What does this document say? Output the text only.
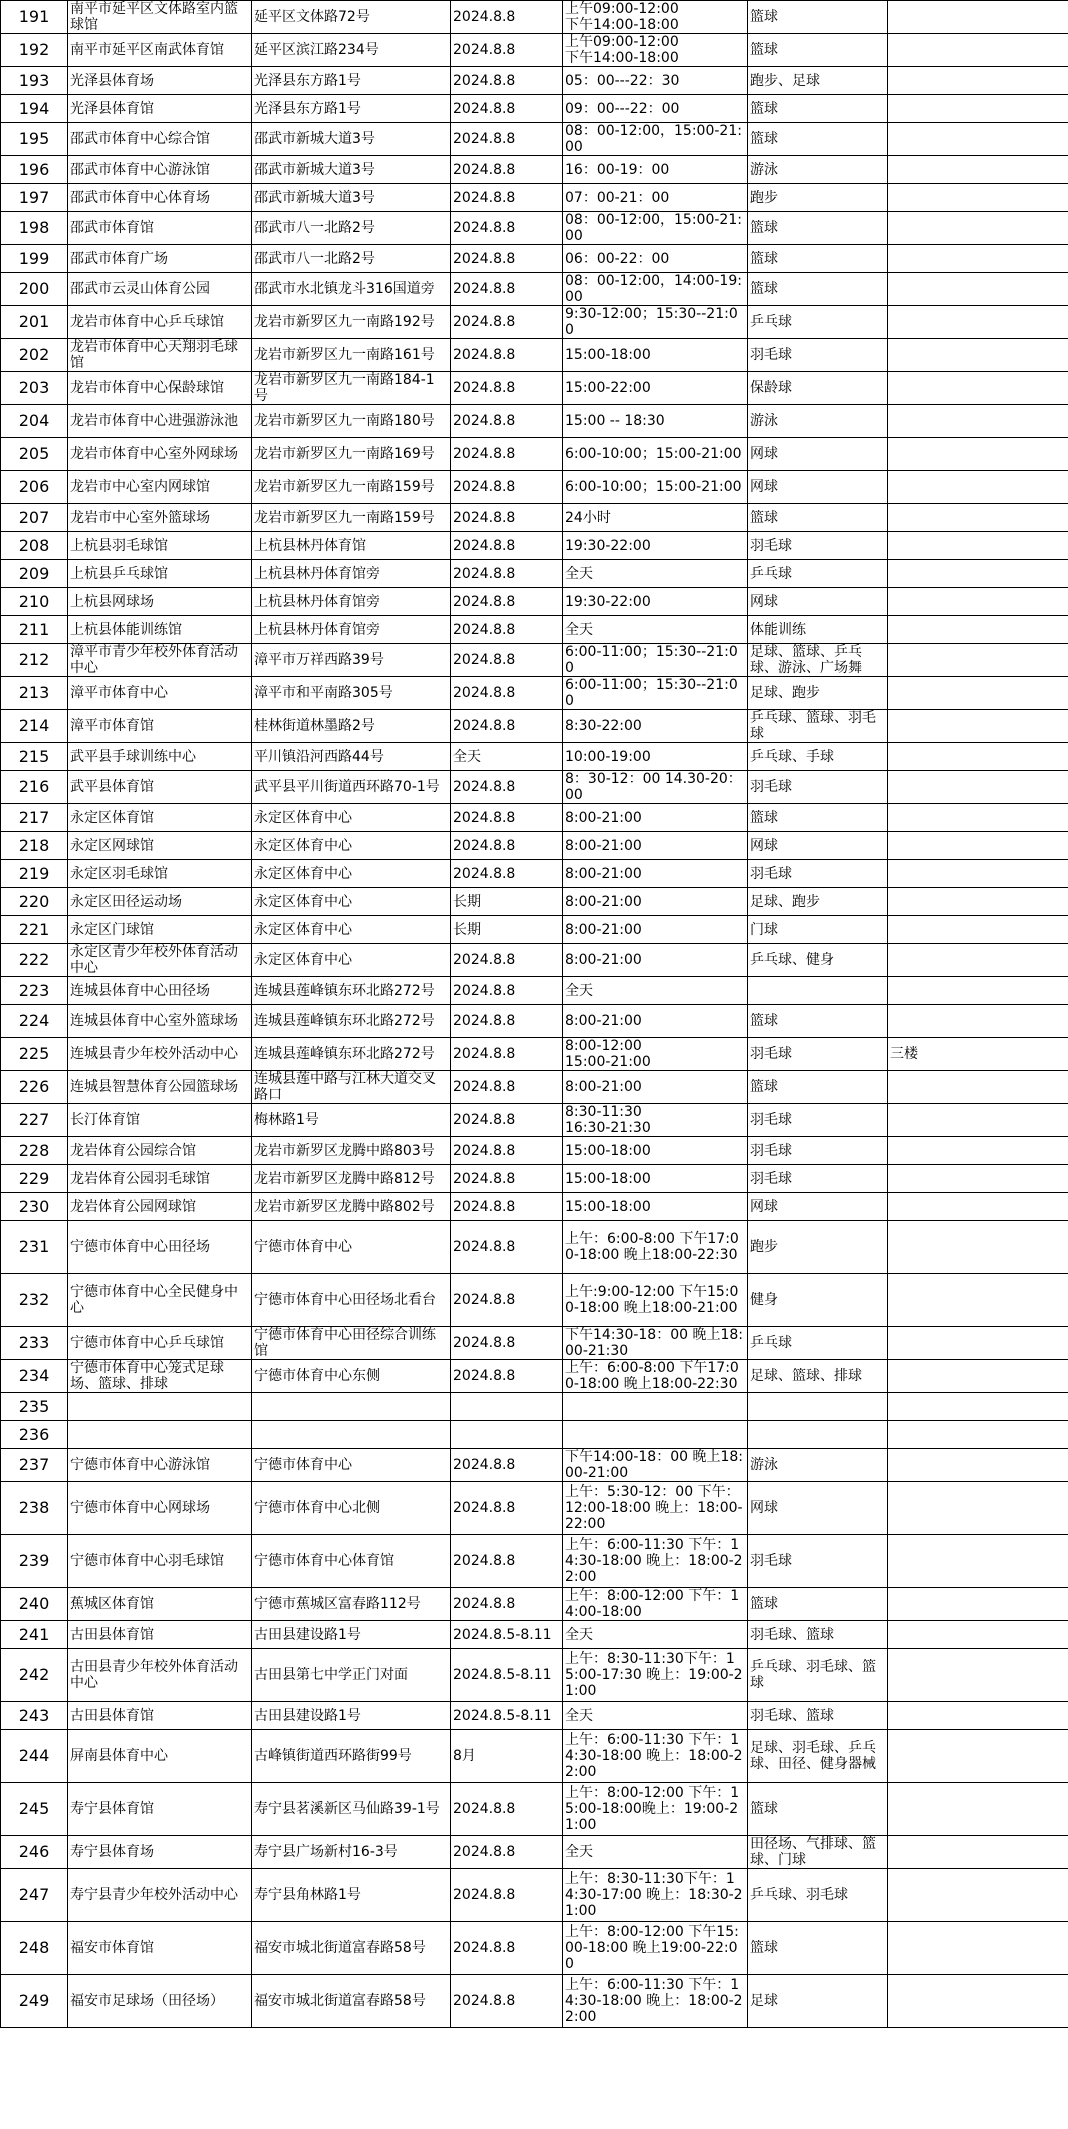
191	南平市延平区文体路室内篮球馆	延平区文体路72号	2024.8.8	上午09:00-12:00
下午14:00-18:00	篮球	
192	南平市延平区南武体育馆	延平区滨江路234号	2024.8.8	上午09:00-12:00
下午14:00-18:00	篮球	
193	光泽县体育场	光泽县东方路1号	2024.8.8	05：00---22：30	跑步、足球	
194	光泽县体育馆	光泽县东方路1号	2024.8.8	09：00---22：00	篮球	
195	邵武市体育中心综合馆	邵武市新城大道3号	2024.8.8	08：00-12:00，15:00-21:00	篮球	
196	邵武市体育中心游泳馆	邵武市新城大道3号	2024.8.8	16：00-19：00	游泳	
197	邵武市体育中心体育场	邵武市新城大道3号	2024.8.8	07：00-21：00	跑步	
198	邵武市体育馆	邵武市八一北路2号	2024.8.8	08：00-12:00，15:00-21:00	篮球	
199	邵武市体育广场	邵武市八一北路2号	2024.8.8	06：00-22：00	篮球	
200	邵武市云灵山体育公园	邵武市水北镇龙斗316国道旁	2024.8.8	08：00-12:00，14:00-19:00	篮球	
201	龙岩市体育中心乒乓球馆	龙岩市新罗区九一南路192号	2024.8.8	9:30-12:00；15:30--21:00	乒乓球	
202	龙岩市体育中心天翔羽毛球馆	龙岩市新罗区九一南路161号	2024.8.8	15:00-18:00	羽毛球	
203	龙岩市体育中心保龄球馆	龙岩市新罗区九一南路184-1号	2024.8.8	15:00-22:00	保龄球	
204	龙岩市体育中心进强游泳池	龙岩市新罗区九一南路180号	2024.8.8	15:00 -- 18:30	游泳	
205	龙岩市体育中心室外网球场	龙岩市新罗区九一南路169号	2024.8.8	6:00-10:00；15:00-21:00	网球	
206	龙岩市中心室内网球馆	龙岩市新罗区九一南路159号	2024.8.8	6:00-10:00；15:00-21:00	网球	
207	龙岩市中心室外篮球场	龙岩市新罗区九一南路159号	2024.8.8	24小时	篮球	
208	上杭县羽毛球馆	上杭县林丹体育馆	2024.8.8	19:30-22:00	羽毛球	
209	上杭县乒乓球馆	上杭县林丹体育馆旁	2024.8.8	全天	乒乓球	
210	上杭县网球场	上杭县林丹体育馆旁	2024.8.8	19:30-22:00	网球	
211	上杭县体能训练馆	上杭县林丹体育馆旁	2024.8.8	全天	体能训练	
212	漳平市青少年校外体育活动中心	漳平市万祥西路39号	2024.8.8	6:00-11:00；15:30--21:00	足球、篮球、乒乓球、游泳、广场舞	
213	漳平市体育中心	漳平市和平南路305号	2024.8.8	6:00-11:00；15:30--21:00	足球、跑步	
214	漳平市体育馆	桂林街道林墨路2号	2024.8.8	8:30-22:00	乒乓球、篮球、羽毛球	
215	武平县手球训练中心	平川镇沿河西路44号	全天	10:00-19:00	乒乓球、手球	
216	武平县体育馆	武平县平川街道西环路70-1号	2024.8.8	8：30-12：00 14.30-20：00	羽毛球	
217	永定区体育馆	永定区体育中心	2024.8.8	8:00-21:00	篮球	
218	永定区网球馆	永定区体育中心	2024.8.8	8:00-21:00	网球	
219	永定区羽毛球馆	永定区体育中心	2024.8.8	8:00-21:00	羽毛球	
220	永定区田径运动场	永定区体育中心	长期	8:00-21:00	足球、跑步	
221	永定区门球馆	永定区体育中心	长期	8:00-21:00	门球	
222	永定区青少年校外体育活动中心	永定区体育中心	2024.8.8	8:00-21:00	乒乓球、健身	
223	连城县体育中心田径场	连城县莲峰镇东环北路272号	2024.8.8	全天		
224	连城县体育中心室外篮球场	连城县莲峰镇东环北路272号	2024.8.8	8:00-21:00	篮球	
225	连城县青少年校外活动中心	连城县莲峰镇东环北路272号	2024.8.8	8:00-12:00
15:00-21:00	羽毛球	三楼
226	连城县智慧体育公园篮球场	连城县莲中路与江林大道交叉路口	2024.8.8	8:00-21:00	篮球	
227	长汀体育馆	梅林路1号	2024.8.8	8:30-11:30
16:30-21:30	羽毛球	
228	龙岩体育公园综合馆	龙岩市新罗区龙腾中路803号	2024.8.8	15:00-18:00	羽毛球	
229	龙岩体育公园羽毛球馆	龙岩市新罗区龙腾中路812号	2024.8.8	15:00-18:00	羽毛球	
230	龙岩体育公园网球馆	龙岩市新罗区龙腾中路802号	2024.8.8	15:00-18:00	网球	
231	宁德市体育中心田径场	宁德市体育中心	2024.8.8	上午：6:00-8:00 下午17:00-18:00 晚上18:00-22:30	跑步	
232	宁德市体育中心全民健身中心	宁德市体育中心田径场北看台	2024.8.8	上午:9:00-12:00 下午15:00-18:00 晚上18:00-21:00	健身	
233	宁德市体育中心乒乓球馆	宁德市体育中心田径综合训练馆	2024.8.8	下午14:30-18：00 晚上18:00-21:30	乒乓球	
234	宁德市体育中心笼式足球场、篮球、排球	宁德市体育中心东侧	2024.8.8	上午：6:00-8:00 下午17:00-18:00 晚上18:00-22:30	足球、篮球、排球	
235						
236						
237	宁德市体育中心游泳馆	宁德市体育中心	2024.8.8	下午14:00-18：00 晚上18:00-21:00	游泳	
238	宁德市体育中心网球场	宁德市体育中心北侧	2024.8.8	上午：5:30-12：00 下午：12:00-18:00 晚上：18:00-22:00	网球	
239	宁德市体育中心羽毛球馆	宁德市体育中心体育馆	2024.8.8	上午：6:00-11:30 下午：14:30-18:00 晚上：18:00-22:00	羽毛球	
240	蕉城区体育馆	宁德市蕉城区富春路112号	2024.8.8	上午：8:00-12:00 下午：14:00-18:00	篮球	
241	古田县体育馆	古田县建设路1号	2024.8.5-8.11	全天	羽毛球、篮球	
242	古田县青少年校外体育活动中心	古田县第七中学正门对面	2024.8.5-8.11	上午：8:30-11:30下午：15:00-17:30 晚上：19:00-21:00	乒乓球、羽毛球、篮球	
243	古田县体育馆	古田县建设路1号	2024.8.5-8.11	全天	羽毛球、篮球	
244	屏南县体育中心	古峰镇街道西环路街99号	8月	上午：6:00-11:30 下午：14:30-18:00 晚上：18:00-22:00	足球、羽毛球、乒乓球、田径、健身器械	
245	寿宁县体育馆	寿宁县茗溪新区马仙路39-1号	2024.8.8	上午：8:00-12:00 下午：15:00-18:00晚上：19:00-21:00	篮球	
246	寿宁县体育场	寿宁县广场新村16-3号	2024.8.8	全天	田径场、气排球、篮球、门球	
247	寿宁县青少年校外活动中心	寿宁县角林路1号	2024.8.8	上午：8:30-11:30下午：14:30-17:00 晚上：18:30-21:00	乒乓球、羽毛球	
248	福安市体育馆	福安市城北街道富春路58号	2024.8.8	上午：8:00-12:00 下午15:00-18:00 晚上19:00-22:00	篮球	
249	福安市足球场（田径场）	福安市城北街道富春路58号	2024.8.8	上午：6:00-11:30 下午：14:30-18:00 晚上：18:00-22:00	足球	
